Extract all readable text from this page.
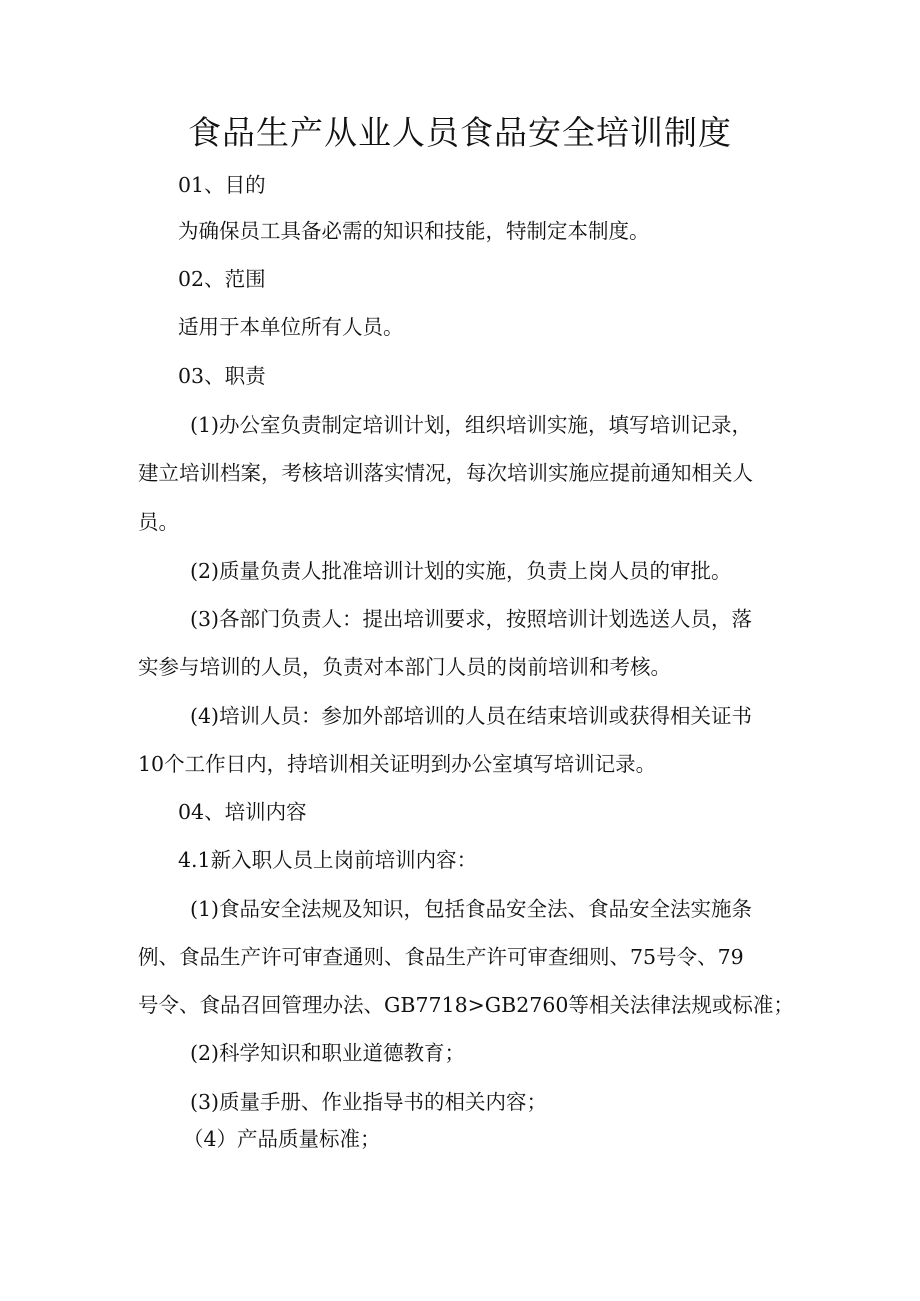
食品生产从业人员食品安全培训制度
01、目的
为确保员工具备必需的知识和技能，特制定本制度。
02、范围
适用于本单位所有人员。
03、职责
(1)办公室负责制定培训计划，组织培训实施，填写培训记录，
建立培训档案，考核培训落实情况，每次培训实施应提前通知相关人
员。
(2)质量负责人批准培训计划的实施，负责上岗人员的审批。
(3)各部门负责人：提出培训要求，按照培训计划选送人员，落
实参与培训的人员，负责对本部门人员的岗前培训和考核。
(4)培训人员：参加外部培训的人员在结束培训或获得相关证书
10个工作日内，持培训相关证明到办公室填写培训记录。
04、培训内容
4.1新入职人员上岗前培训内容：
(1)食品安全法规及知识，包括食品安全法、食品安全法实施条
例、食品生产许可审查通则、食品生产许可审查细则、75号令、79
号令、食品召回管理办法、GB7718>GB2760等相关法律法规或标准；
(2)科学知识和职业道德教育；
(3)质量手册、作业指导书的相关内容；
（4）产品质量标准；
